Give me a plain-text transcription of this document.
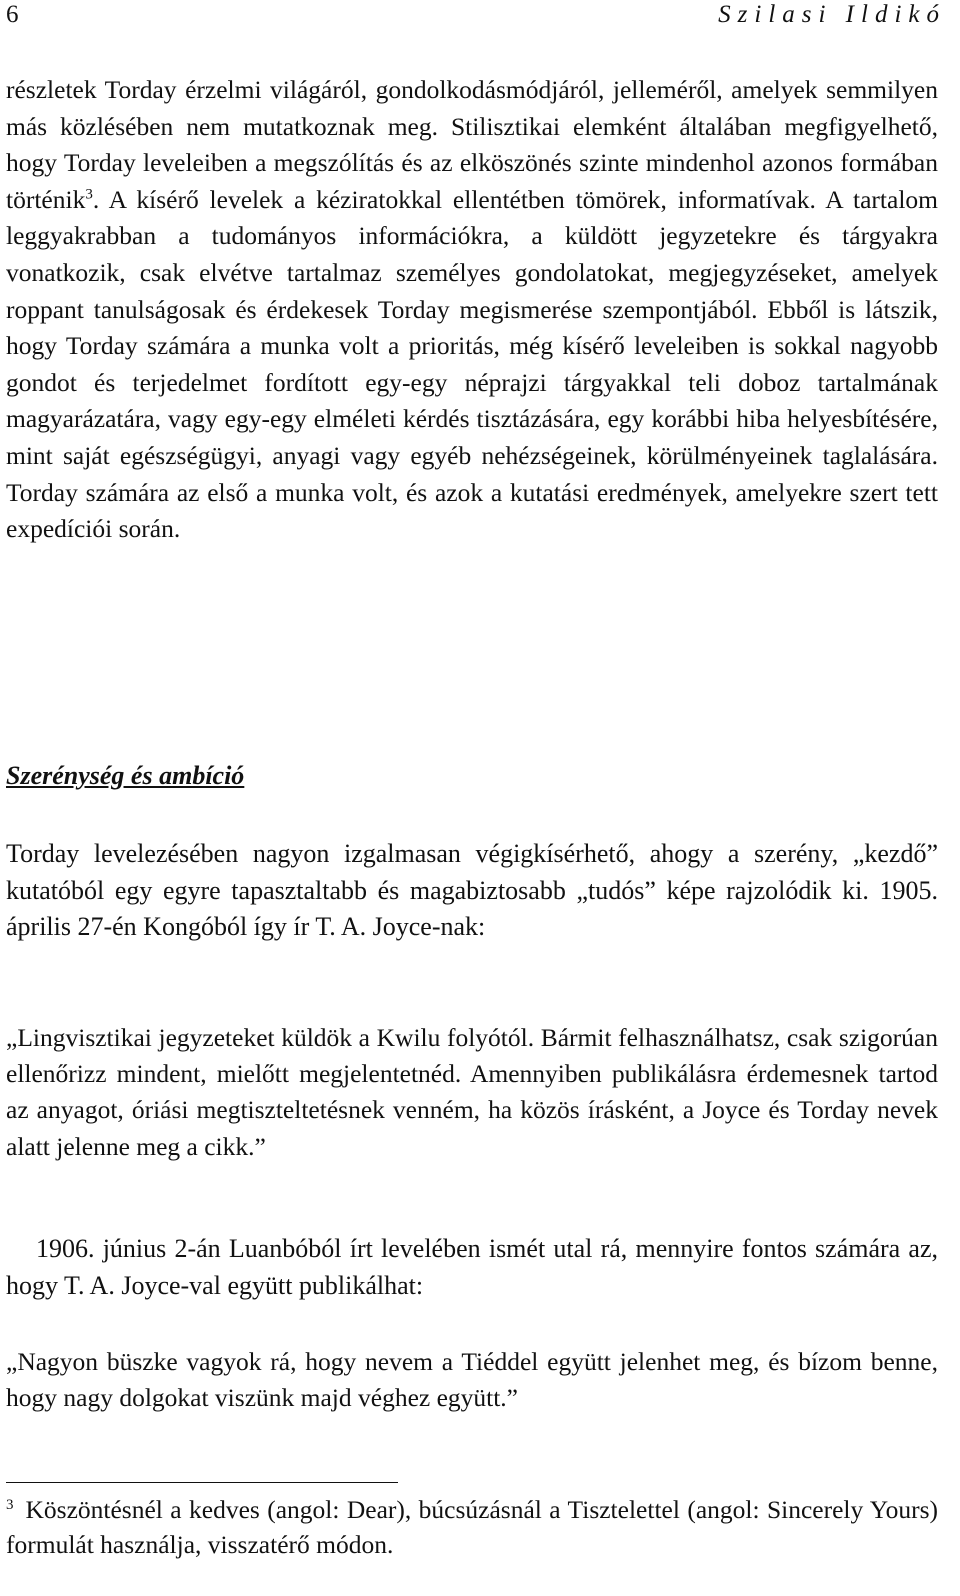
6	Szilasi Ildikó

részletek Torday érzelmi világáról, gondolkodásmódjáról, jelleméről, amelyek semmilyen más közlésében nem mutatkoznak meg. Stilisztikai elemként általában megfigyelhető, hogy Torday leveleiben a megszólítás és az elköszönés szinte mindenhol azonos formában történik$^3$. A kísérő levelek a kéziratokkal ellentétben tömörek, informatívak. A tartalom leggyakrabban a tudományos információkra, a küldött jegyzetekre és tárgyakra vonatkozik, csak elvétve tartalmaz személyes gondolatokat, megjegyzéseket, amelyek roppant tanulságosak és érdekesek Torday megismerése szempontjából. Ebből is látszik, hogy Torday számára a munka volt a prioritás, még kísérő leveleiben is sokkal nagyobb gondot és terjedelmet fordított egy-egy néprajzi tárgyakkal teli doboz tartalmának magyarázatára, vagy egy-egy elméleti kérdés tisztázására, egy korábbi hiba helyesbítésére, mint saját egészségügyi, anyagi vagy egyéb nehézségeinek, körülményeinek taglalására. Torday számára az első a munka volt, és azok a kutatási eredmények, amelyekre szert tett expedíciói során.

Szerénység és ambíció

Torday levelezésében nagyon izgalmasan végigkísérhető, ahogy a szerény, „kezdő” kutatóból egy egyre tapasztaltabb és magabiztosabb „tudós” képe rajzolódik ki. 1905. április 27-én Kongóból így ír T. A. Joyce-nak:

„Lingvisztikai jegyzeteket küldök a Kwilu folyótól. Bármit felhasználhatsz, csak szigorúan ellenőrizz mindent, mielőtt megjelentetnéd. Amennyiben publikálásra érdemesnek tartod az anyagot, óriási megtiszteltetésnek venném, ha közös írásként, a Joyce és Torday nevek alatt jelenne meg a cikk.”

1906. június 2-án Luanbóból írt levelében ismét utal rá, mennyire fontos számára az, hogy T. A. Joyce-val együtt publikálhat:

„Nagyon büszke vagyok rá, hogy nevem a Tiéddel együtt jelenhet meg, és bízom benne, hogy nagy dolgokat viszünk majd véghez együtt.”

$^3$ Köszöntésnél a kedves (angol: Dear), búcsúzásnál a Tisztelettel (angol: Sincerely Yours) formulát használja, visszatérő módon.
